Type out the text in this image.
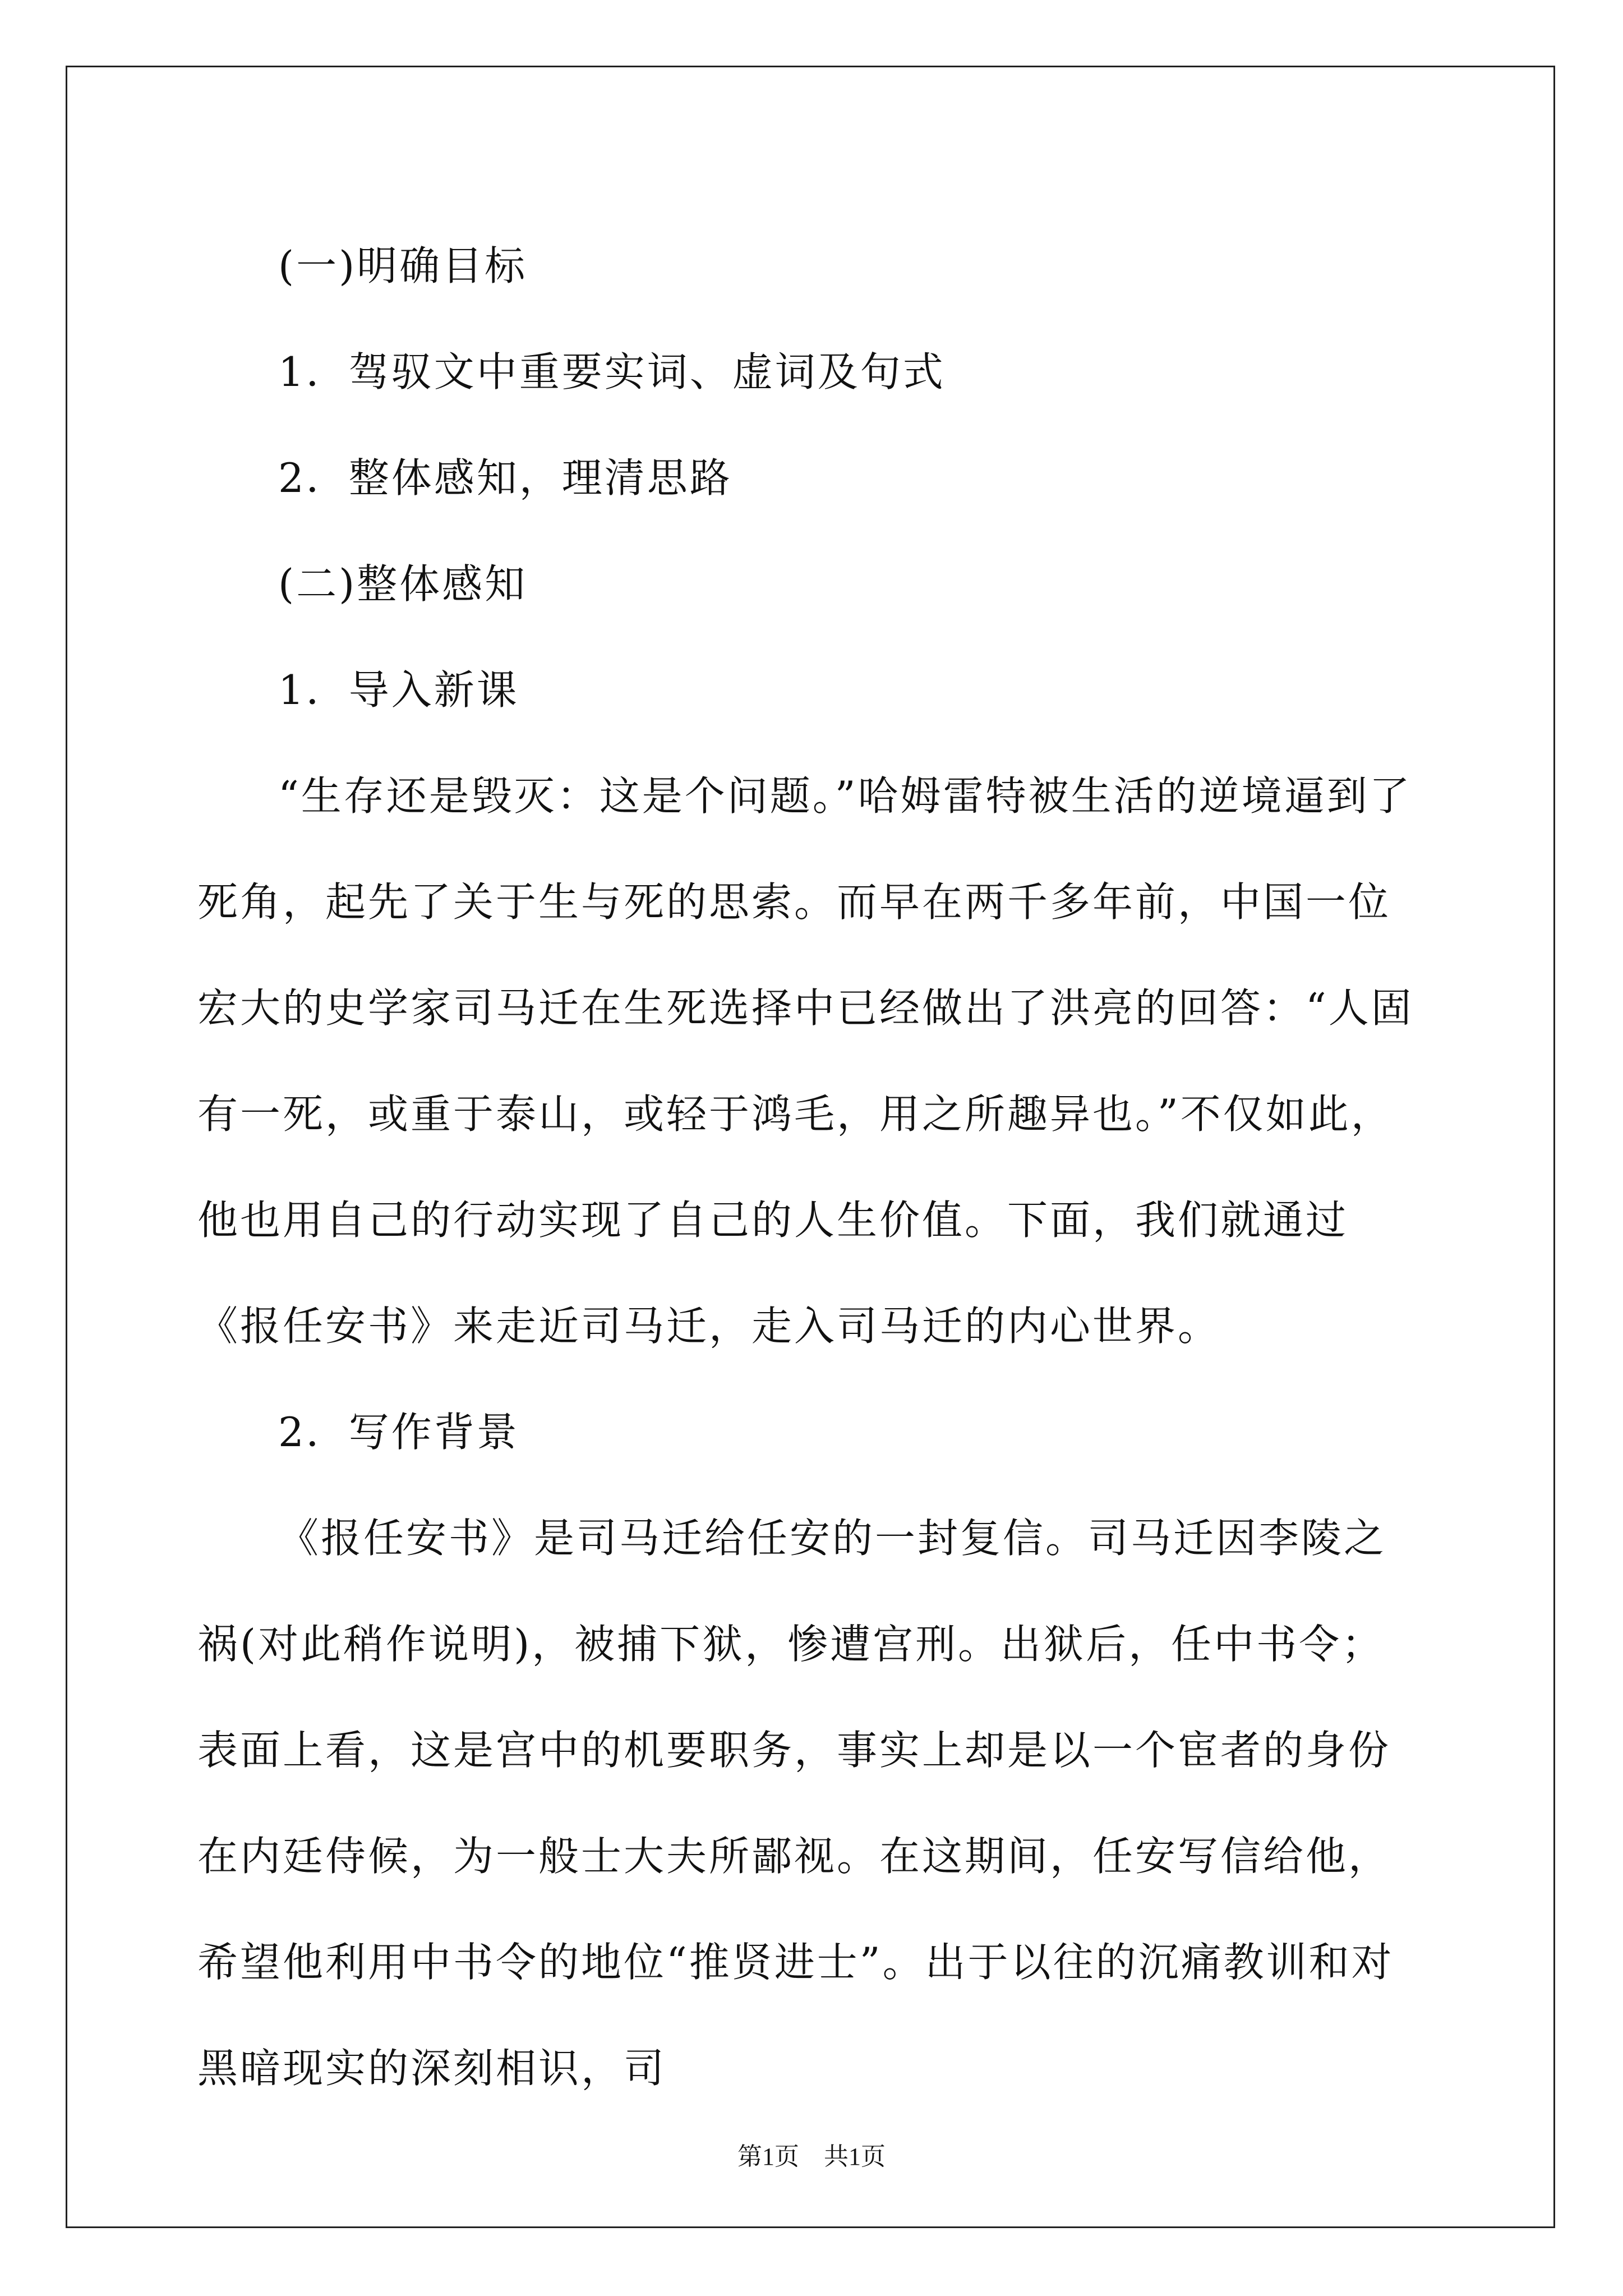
(一)明确目标

1．驾驭文中重要实词、虚词及句式

2．整体感知，理清思路

(二)整体感知

1．导入新课

“生存还是毁灭：这是个问题。”哈姆雷特被生活的逆境逼到了死角，起先了关于生与死的思索。而早在两千多年前，中国一位宏大的史学家司马迁在生死选择中已经做出了洪亮的回答：“人固有一死，或重于泰山，或轻于鸿毛，用之所趣异也。”不仅如此，他也用自己的行动实现了自己的人生价值。下面，我们就通过《报任安书》来走近司马迁，走入司马迁的内心世界。

2．写作背景

《报任安书》是司马迁给任安的一封复信。司马迁因李陵之祸(对此稍作说明)，被捕下狱，惨遭宫刑。出狱后，任中书令；表面上看，这是宫中的机要职务，事实上却是以一个宦者的身份在内廷侍候，为一般士大夫所鄙视。在这期间，任安写信给他，希望他利用中书令的地位“推贤进士”。出于以往的沉痛教训和对黑暗现实的深刻相识，司

第1页　共1页
